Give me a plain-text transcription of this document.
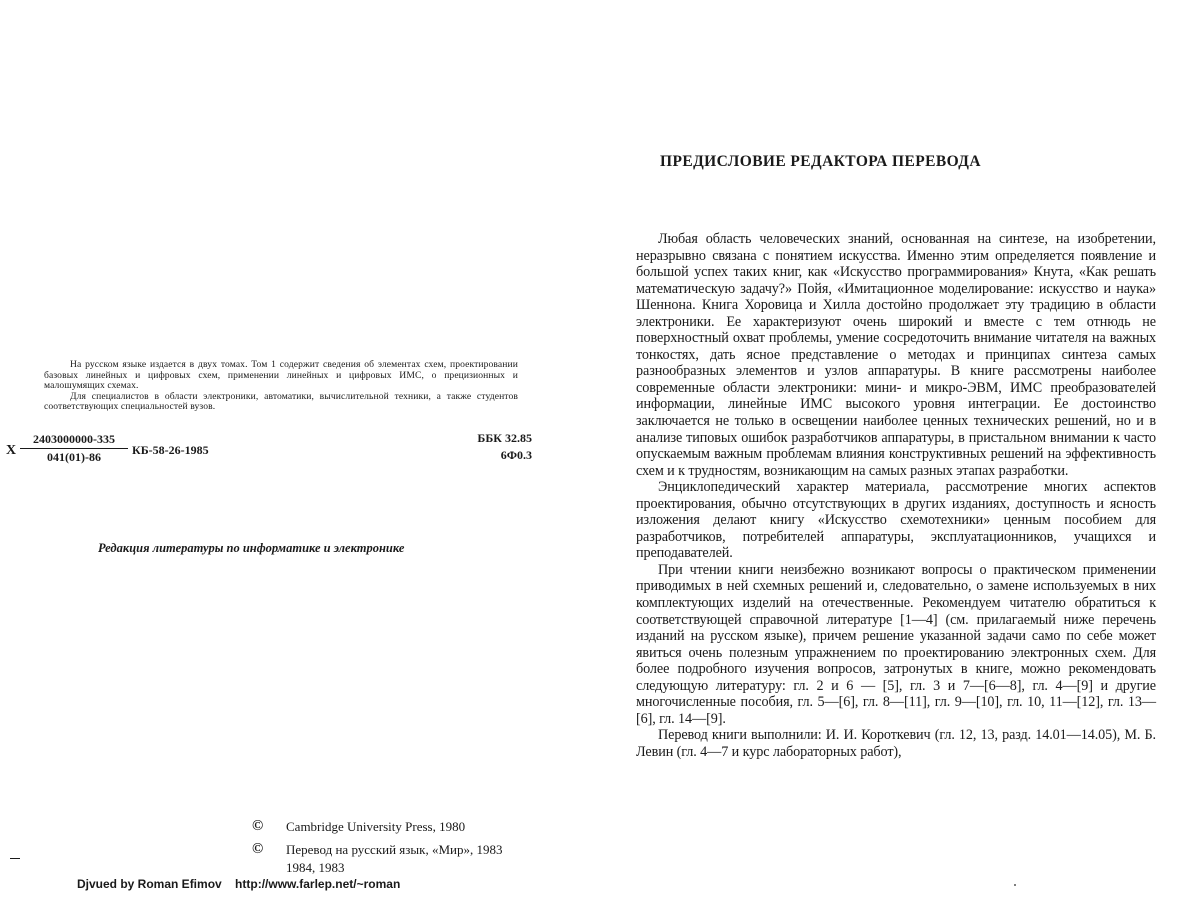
На русском языке издается в двух томах. Том 1 содержит сведения об элементах схем, проектировании базовых линейных и цифровых схем, применении линейных и цифровых ИМС, о прецизионных и малошумящих схемах.

Для специалистов в области электроники, автоматики, вычислительной техники, а также студентов соответствующих специальностей вузов.

Х
2403000000-335
041(01)-86	КБ-58-26-1985
ББК 32.85
6Ф0.3
Редакция литературы по информатике и электронике
© Cambridge University Press, 1980
© Перевод на русский язык, «Мир», 1983
1984, 1983
Djvued by Roman Efimov http://www.farlep.net/~roman
ПРЕДИСЛОВИЕ РЕДАКТОРА ПЕРЕВОДА

Любая область человеческих знаний, основанная на синтезе, на изобретении, неразрывно связана с понятием искусства. Именно этим определяется появление и большой успех таких книг, как «Искусство программирования» Кнута, «Как решать математическую задачу?» Пойя, «Имитационное моделирование: искусство и наука» Шеннона. Книга Хоровица и Хилла достойно продолжает эту традицию в области электроники. Ее характеризуют очень широкий и вместе с тем отнюдь не поверхностный охват проблемы, умение сосредоточить внимание читателя на важных тонкостях, дать ясное представление о методах и принципах синтеза самых разнообразных элементов и узлов аппаратуры. В книге рассмотрены наиболее современные области электроники: мини- и микро-ЭВМ, ИМС преобразователей информации, линейные ИМС высокого уровня интеграции. Ее достоинство заключается не только в освещении наиболее ценных технических решений, но и в анализе типовых ошибок разработчиков аппаратуры, в пристальном внимании к часто опускаемым важным проблемам влияния конструктивных решений на эффективность схем и к трудностям, возникающим на самых разных этапах разработки.

Энциклопедический характер материала, рассмотрение многих аспектов проектирования, обычно отсутствующих в других изданиях, доступность и ясность изложения делают книгу «Искусство схемотехники» ценным пособием для разработчиков, потребителей аппаратуры, эксплуатационников, учащихся и преподавателей.

При чтении книги неизбежно возникают вопросы о практическом применении приводимых в ней схемных решений и, следовательно, о замене используемых в них комплектующих изделий на отечественные. Рекомендуем читателю обратиться к соответствующей справочной литературе [1—4] (см. прилагаемый ниже перечень изданий на русском языке), причем решение указанной задачи само по себе может явиться очень полезным упражнением по проектированию электронных схем. Для более подробного изучения вопросов, затронутых в книге, можно рекомендовать следующую литературу: гл. 2 и 6 — [5], гл. 3 и 7—[6—8], гл. 4—[9] и другие многочисленные пособия, гл. 5—[6], гл. 8—[11], гл. 9—[10], гл. 10, 11—[12], гл. 13—[6], гл. 14—[9].

Перевод книги выполнили: И. И. Короткевич (гл. 12, 13, разд. 14.01—14.05), М. Б. Левин (гл. 4—7 и курс лабораторных работ),
